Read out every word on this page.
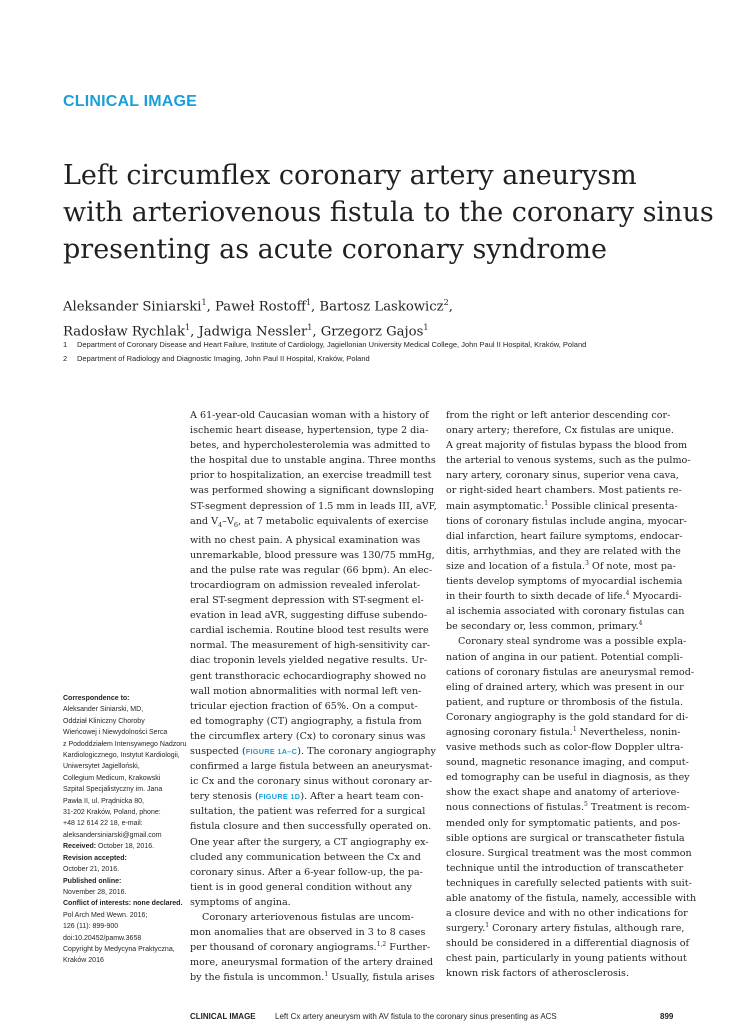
CLINICAL IMAGE
Left circumflex coronary artery aneurysm
with arteriovenous fistula to the coronary sinus
presenting as acute coronary syndrome
Aleksander Siniarski$^1$, Paweł Rostoff$^1$, Bartosz Laskowicz$^2$,
Radosław Rychlak$^1$, Jadwiga Nessler$^1$, Grzegorz Gajos$^1$
1 Department of Coronary Disease and Heart Failure, Institute of Cardiology, Jagiellonian University Medical College, John Paul II Hospital, Kraków, Poland
2 Department of Radiology and Diagnostic Imaging, John Paul II Hospital, Kraków, Poland
Correspondence to:
Aleksander Siniarski, MD,
Oddział Kliniczny Choroby
Wieńcowej i Niewydolności Serca
z Pododdziałem Intensywnego Nadzoru
Kardiologicznego, Instytut Kardiologii,
Uniwersytet Jagielloński,
Collegium Medicum, Krakowski
Szpital Specjalistyczny im. Jana
Pawła II, ul. Prądnicka 80,
31-202 Kraków, Poland, phone:
+48 12 614 22 18, e-mail:
aleksandersiniarski@gmail.com
Received: October 18, 2016.
Revision accepted:
October 21, 2016.
Published online:
November 28, 2016.
Conflict of interests: none declared.
Pol Arch Med Wewn. 2016;
126 (11): 899-900
doi:10.20452/pamw.3658
Copyright by Medycyna Praktyczna,
Kraków 2016
A 61-year-old Caucasian woman with a history of
ischemic heart disease, hypertension, type 2 dia-
betes, and hypercholesterolemia was admitted to
the hospital due to unstable angina. Three months
prior to hospitalization, an exercise treadmill test
was performed showing a significant downsloping
ST-segment depression of 1.5 mm in leads III, aVF,
and $V_4-V_6$, at 7 metabolic equivalents of exercise
with no chest pain. A physical examination was
unremarkable, blood pressure was 130/75 mmHg,
and the pulse rate was regular (66 bpm). An elec-
trocardiogram on admission revealed inferolat-
eral ST-segment depression with ST-segment el-
evation in lead aVR, suggesting diffuse subendo-
cardial ischemia. Routine blood test results were
normal. The measurement of high-sensitivity car-
diac troponin levels yielded negative results. Ur-
gent transthoracic echocardiography showed no
wall motion abnormalities with normal left ven-
tricular ejection fraction of 65%. On a comput-
ed tomography (CT) angiography, a fistula from
the circumflex artery (Cx) to coronary sinus was
suspected (FIGURE 1A–C). The coronary angiography
confirmed a large fistula between an aneurysmat-
ic Cx and the coronary sinus without coronary ar-
tery stenosis (FIGURE 1D). After a heart team con-
sultation, the patient was referred for a surgical
fistula closure and then successfully operated on.
One year after the surgery, a CT angiography ex-
cluded any communication between the Cx and
coronary sinus. After a 6-year follow-up, the pa-
tient is in good general condition without any
symptoms of angina.
Coronary arteriovenous fistulas are uncom-
mon anomalies that are observed in 3 to 8 cases
per thousand of coronary angiograms.$^{1,2}$ Further-
more, aneurysmal formation of the artery drained
by the fistula is uncommon.$^1$ Usually, fistula arises
from the right or left anterior descending cor-
onary artery; therefore, Cx fistulas are unique.
A great majority of fistulas bypass the blood from
the arterial to venous systems, such as the pulmo-
nary artery, coronary sinus, superior vena cava,
or right-sided heart chambers. Most patients re-
main asymptomatic.$^1$ Possible clinical presenta-
tions of coronary fistulas include angina, myocar-
dial infarction, heart failure symptoms, endocar-
ditis, arrhythmias, and they are related with the
size and location of a fistula.$^3$ Of note, most pa-
tients develop symptoms of myocardial ischemia
in their fourth to sixth decade of life.$^4$ Myocardi-
al ischemia associated with coronary fistulas can
be secondary or, less common, primary.$^4$
Coronary steal syndrome was a possible expla-
nation of angina in our patient. Potential compli-
cations of coronary fistulas are aneurysmal remod-
eling of drained artery, which was present in our
patient, and rupture or thrombosis of the fistula.
Coronary angiography is the gold standard for di-
agnosing coronary fistula.$^1$ Nevertheless, nonin-
vasive methods such as color-flow Doppler ultra-
sound, magnetic resonance imaging, and comput-
ed tomography can be useful in diagnosis, as they
show the exact shape and anatomy of arteriove-
nous connections of fistulas.$^5$ Treatment is recom-
mended only for symptomatic patients, and pos-
sible options are surgical or transcatheter fistula
closure. Surgical treatment was the most common
technique until the introduction of transcatheter
techniques in carefully selected patients with suit-
able anatomy of the fistula, namely, accessible with
a closure device and with no other indications for
surgery.$^1$ Coronary artery fistulas, although rare,
should be considered in a differential diagnosis of
chest pain, particularly in young patients without
known risk factors of atherosclerosis.
CLINICAL IMAGE Left Cx artery aneurysm with AV fistula to the coronary sinus presenting as ACS	899
